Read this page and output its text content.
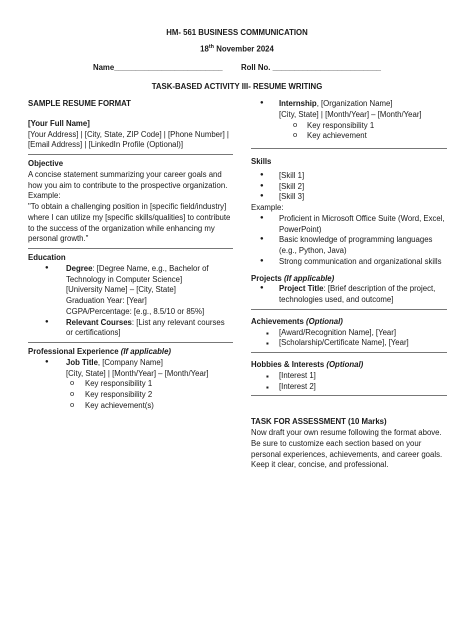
HM- 561 BUSINESS COMMUNICATION
18th November 2024
Name_________________________ Roll No. _________________________
TASK-BASED ACTIVITY III- RESUME WRITING

SAMPLE RESUME FORMAT

[Your Full Name]

[Your Address] | [City, State, ZIP Code] | [Phone Number] | [Email Address] | [LinkedIn Profile (Optional)]

Objective

A concise statement summarizing your career goals and how you aim to contribute to the prospective organization.

Example:

"To obtain a challenging position in [specific field/industry] where I can utilize my [specific skills/qualities] to contribute to the success of the organization while enhancing my personal growth."

Education

● Degree: [Degree Name, e.g., Bachelor of Technology in Computer Science]
[University Name] – [City, State]
Graduation Year: [Year]
CGPA/Percentage: [e.g., 8.5/10 or 85%]
● Relevant Courses: [List any relevant courses or certifications]

Professional Experience (If applicable)

● Job Title, [Company Name]
[City, State] | [Month/Year] – [Month/Year]
o Key responsibility 1
o Key responsibility 2
o Key achievement(s)
● Internship, [Organization Name]
[City, State] | [Month/Year] – [Month/Year]
o Key responsibility 1
o Key achievement

Skills

● [Skill 1]
● [Skill 2]
● [Skill 3]

Example:

● Proficient in Microsoft Office Suite (Word, Excel, PowerPoint)
● Basic knowledge of programming languages (e.g., Python, Java)
● Strong communication and organizational skills

Projects (If applicable)

● Project Title: [Brief description of the project, technologies used, and outcome]

Achievements (Optional)

▪ [Award/Recognition Name], [Year]
▪ [Scholarship/Certificate Name], [Year]

Hobbies & Interests (Optional)

▪ [Interest 1]
▪ [Interest 2]

TASK FOR ASSESSMENT (10 Marks)

Now draft your own resume following the format above. Be sure to customize each section based on your personal experiences, achievements, and career goals. Keep it clear, concise, and professional.
